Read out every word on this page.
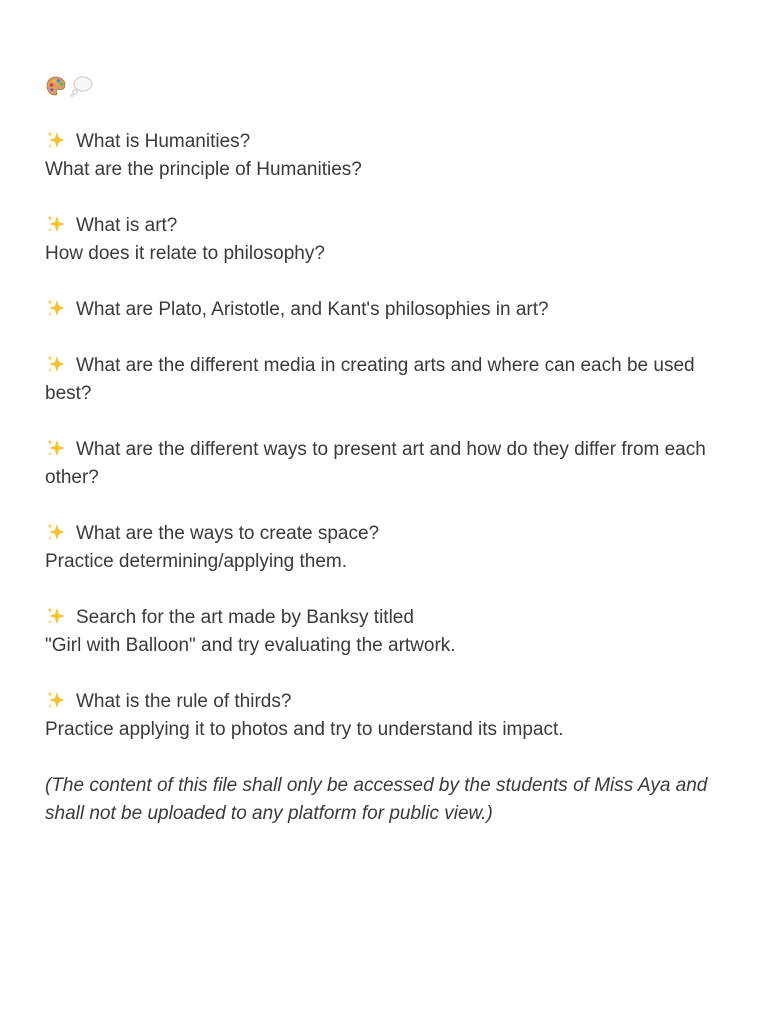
What is Humanities?
What are the principle of Humanities?
What is art?
How does it relate to philosophy?
What are Plato, Aristotle, and Kant's philosophies in art?
What are the different media in creating arts and where can each be used best?
What are the different ways to present art and how do they differ from each other?
What are the ways to create space?
Practice determining/applying them.
Search for the art made by Banksy titled
"Girl with Balloon" and try evaluating the artwork.
What is the rule of thirds?
Practice applying it to photos and try to understand its impact.

(The content of this file shall only be accessed by the students of Miss Aya and shall not be uploaded to any platform for public view.)
